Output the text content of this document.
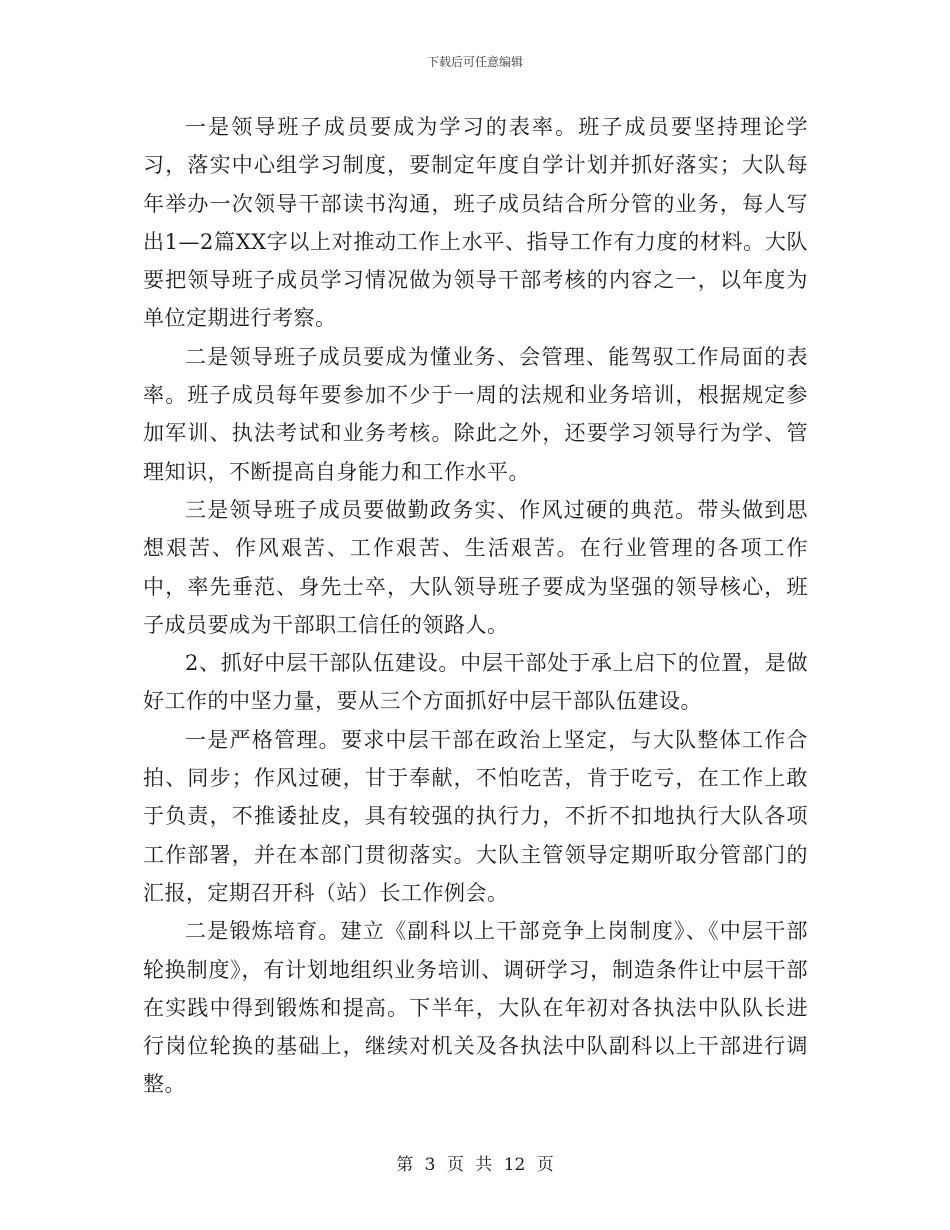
下载后可任意编辑

一是领导班子成员要成为学习的表率。班子成员要坚持理论学习，落实中心组学习制度，要制定年度自学计划并抓好落实；大队每年举办一次领导干部读书沟通，班子成员结合所分管的业务，每人写出1—2篇XX字以上对推动工作上水平、指导工作有力度的材料。大队要把领导班子成员学习情况做为领导干部考核的内容之一，以年度为单位定期进行考察。

二是领导班子成员要成为懂业务、会管理、能驾驭工作局面的表率。班子成员每年要参加不少于一周的法规和业务培训，根据规定参加军训、执法考试和业务考核。除此之外，还要学习领导行为学、管理知识，不断提高自身能力和工作水平。

三是领导班子成员要做勤政务实、作风过硬的典范。带头做到思想艰苦、作风艰苦、工作艰苦、生活艰苦。在行业管理的各项工作中，率先垂范、身先士卒，大队领导班子要成为坚强的领导核心，班子成员要成为干部职工信任的领路人。

2、抓好中层干部队伍建设。中层干部处于承上启下的位置，是做好工作的中坚力量，要从三个方面抓好中层干部队伍建设。

一是严格管理。要求中层干部在政治上坚定，与大队整体工作合拍、同步；作风过硬，甘于奉献，不怕吃苦，肯于吃亏，在工作上敢于负责，不推诿扯皮，具有较强的执行力，不折不扣地执行大队各项工作部署，并在本部门贯彻落实。大队主管领导定期听取分管部门的汇报，定期召开科（站）长工作例会。

二是锻炼培育。建立《副科以上干部竞争上岗制度》、《中层干部轮换制度》，有计划地组织业务培训、调研学习，制造条件让中层干部在实践中得到锻炼和提高。下半年，大队在年初对各执法中队队长进行岗位轮换的基础上，继续对机关及各执法中队副科以上干部进行调整。

第 3 页 共 12 页
